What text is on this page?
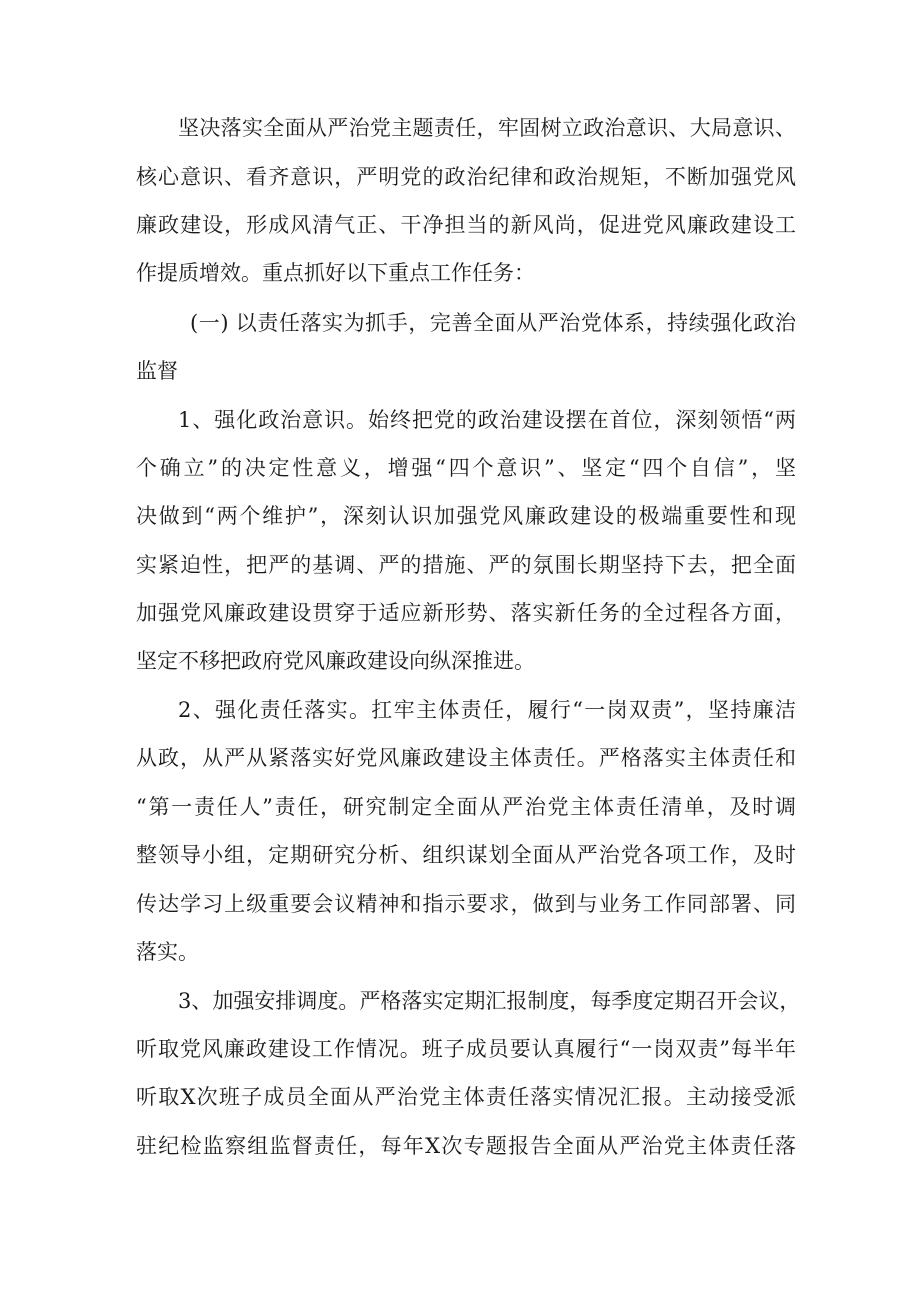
坚决落实全面从严治党主题责任，牢固树立政治意识、大局意识、
核心意识、看齐意识，严明党的政治纪律和政治规矩，不断加强党风
廉政建设，形成风清气正、干净担当的新风尚，促进党风廉政建设工
作提质增效。重点抓好以下重点工作任务：
(一) 以责任落实为抓手，完善全面从严治党体系，持续强化政治
监督
1、强化政治意识。始终把党的政治建设摆在首位，深刻领悟“两
个确立”的决定性意义，增强“四个意识”、坚定“四个自信”，坚
决做到“两个维护”，深刻认识加强党风廉政建设的极端重要性和现
实紧迫性，把严的基调、严的措施、严的氛围长期坚持下去，把全面
加强党风廉政建设贯穿于适应新形势、落实新任务的全过程各方面，
坚定不移把政府党风廉政建设向纵深推进。
2、强化责任落实。扛牢主体责任，履行“一岗双责”，坚持廉洁
从政，从严从紧落实好党风廉政建设主体责任。严格落实主体责任和
“第一责任人”责任，研究制定全面从严治党主体责任清单，及时调
整领导小组，定期研究分析、组织谋划全面从严治党各项工作，及时
传达学习上级重要会议精神和指示要求，做到与业务工作同部署、同
落实。
3、加强安排调度。严格落实定期汇报制度，每季度定期召开会议，
听取党风廉政建设工作情况。班子成员要认真履行“一岗双责”每半年
听取X次班子成员全面从严治党主体责任落实情况汇报。主动接受派
驻纪检监察组监督责任，每年X次专题报告全面从严治党主体责任落
